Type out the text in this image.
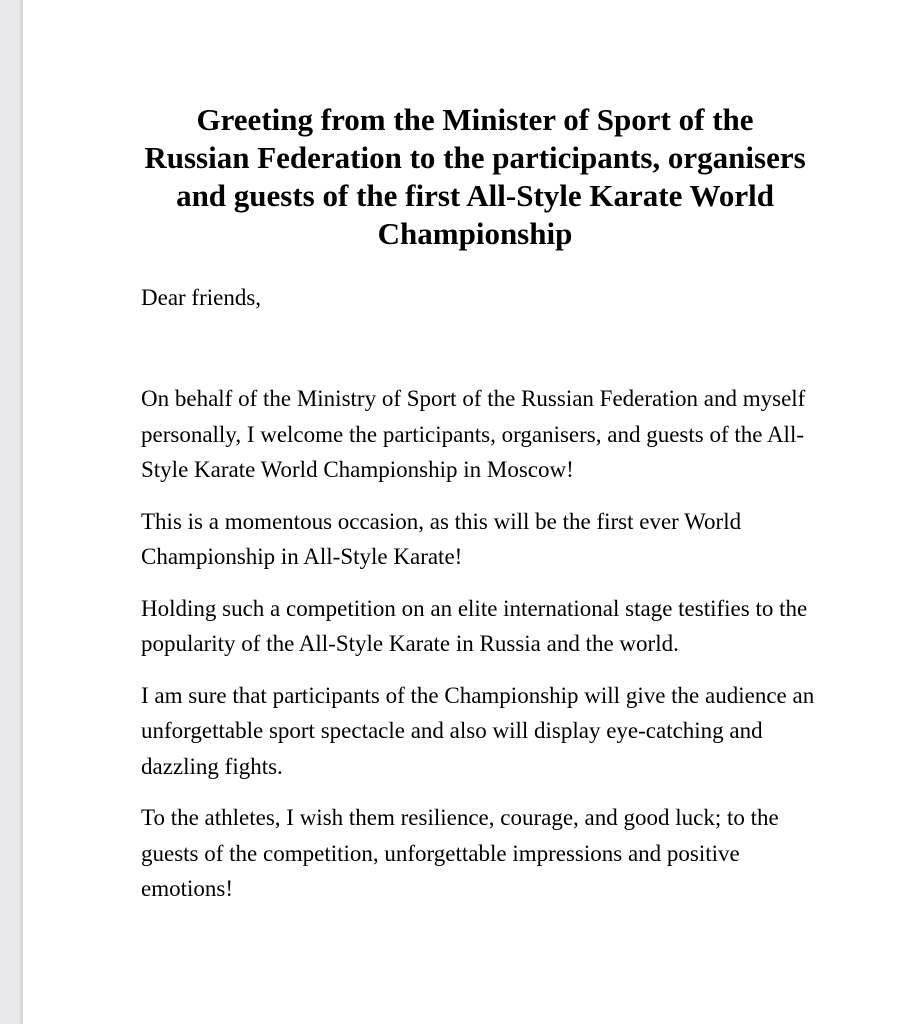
Greeting from the Minister of Sport of the Russian Federation to the participants, organisers and guests of the first All-Style Karate World Championship

Dear friends,

On behalf of the Ministry of Sport of the Russian Federation and myself personally, I welcome the participants, organisers, and guests of the All-Style Karate World Championship in Moscow!

This is a momentous occasion, as this will be the first ever World Championship in All-Style Karate!

Holding such a competition on an elite international stage testifies to the popularity of the All-Style Karate in Russia and the world.

I am sure that participants of the Championship will give the audience an unforgettable sport spectacle and also will display eye-catching and dazzling fights.

To the athletes, I wish them resilience, courage, and good luck; to the guests of the competition, unforgettable impressions and positive emotions!
